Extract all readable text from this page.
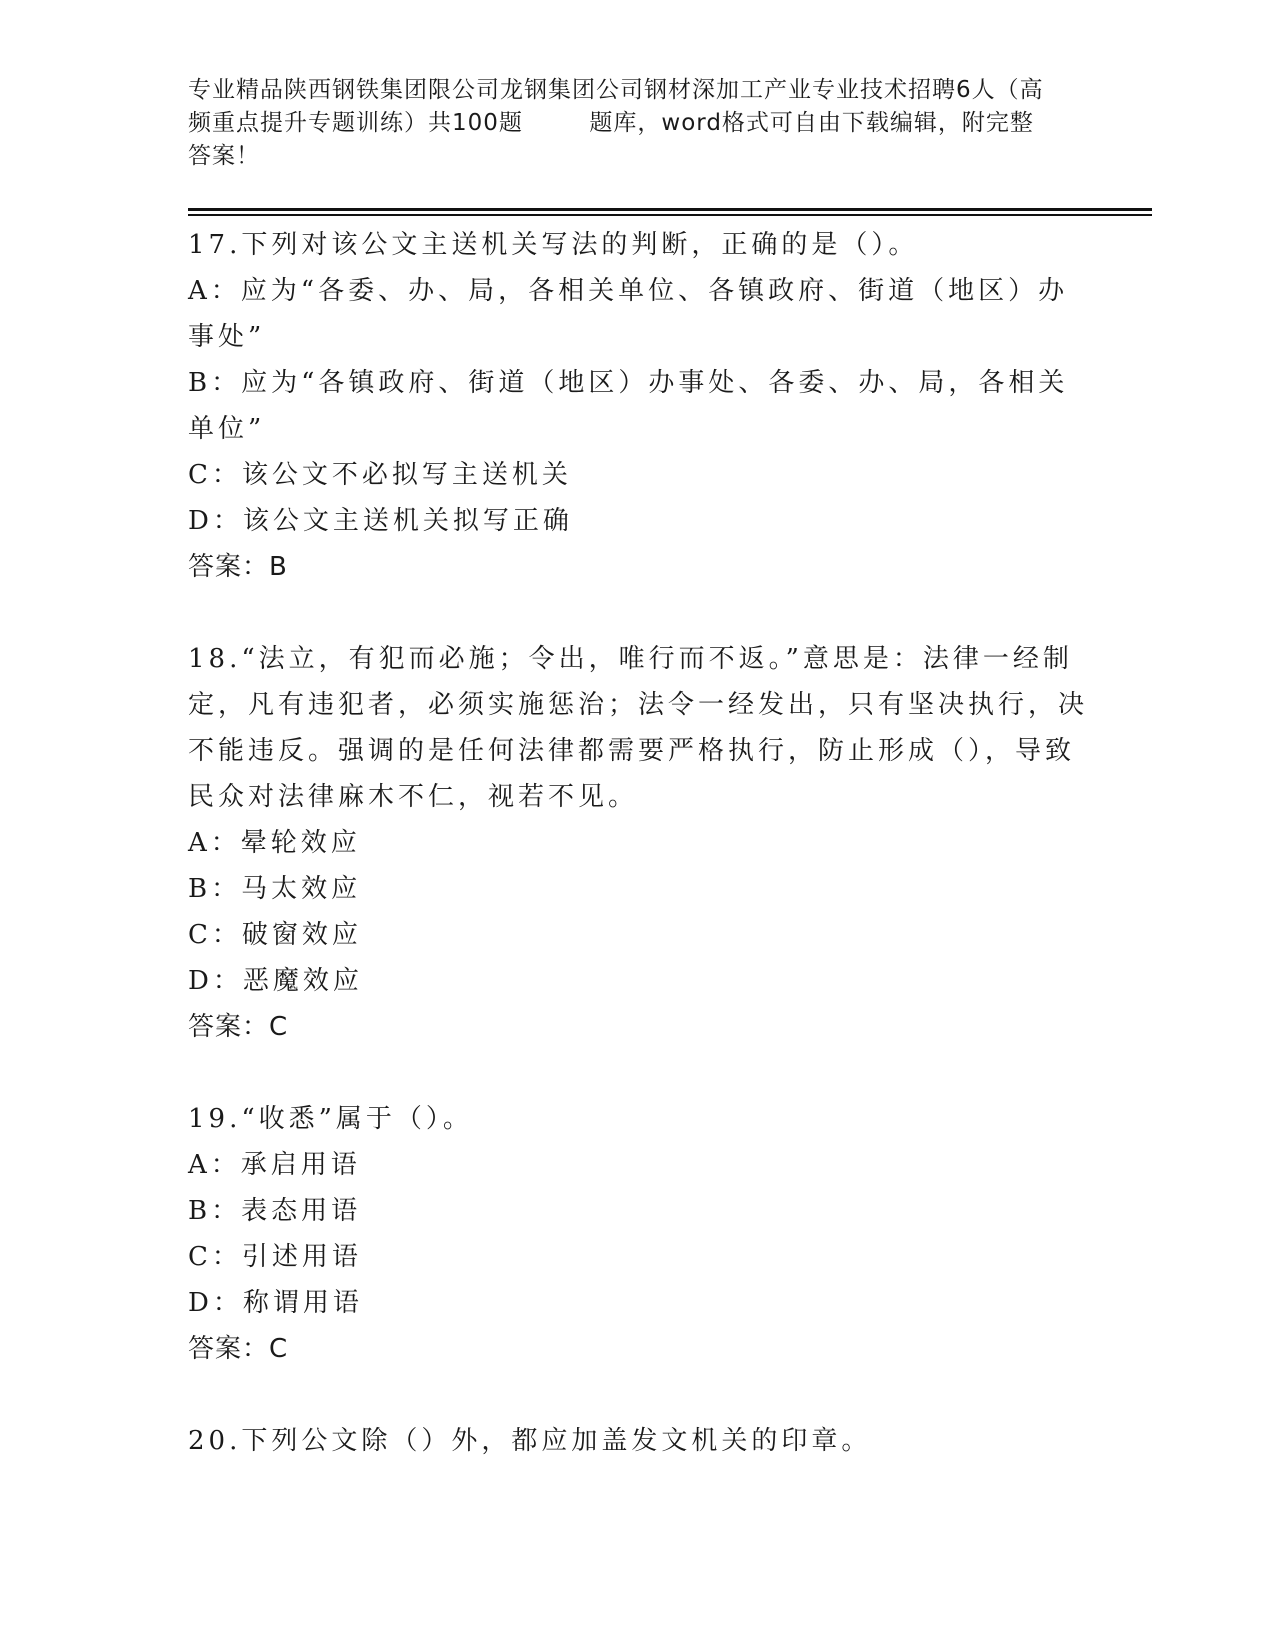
专业精品陕西钢铁集团限公司龙钢集团公司钢材深加工产业专业技术招聘6人（高
频重点提升专题训练）共100题        题库，word格式可自由下载编辑，附完整
答案！
17.下列对该公文主送机关写法的判断，正确的是（）。
A：应为“各委、办、局，各相关单位、各镇政府、街道（地区）办事处”
B：应为“各镇政府、街道（地区）办事处、各委、办、局，各相关单位”
C：该公文不必拟写主送机关
D：该公文主送机关拟写正确
答案：B
18.“法立，有犯而必施；令出，唯行而不返。”意思是：法律一经制定，凡有违犯者，必须实施惩治；法令一经发出，只有坚决执行，决不能违反。强调的是任何法律都需要严格执行，防止形成（），导致民众对法律麻木不仁，视若不见。
A：晕轮效应
B：马太效应
C：破窗效应
D：恶魔效应
答案：C
19.“收悉”属于（）。
A：承启用语
B：表态用语
C：引述用语
D：称谓用语
答案：C
20.下列公文除（）外，都应加盖发文机关的印章。
